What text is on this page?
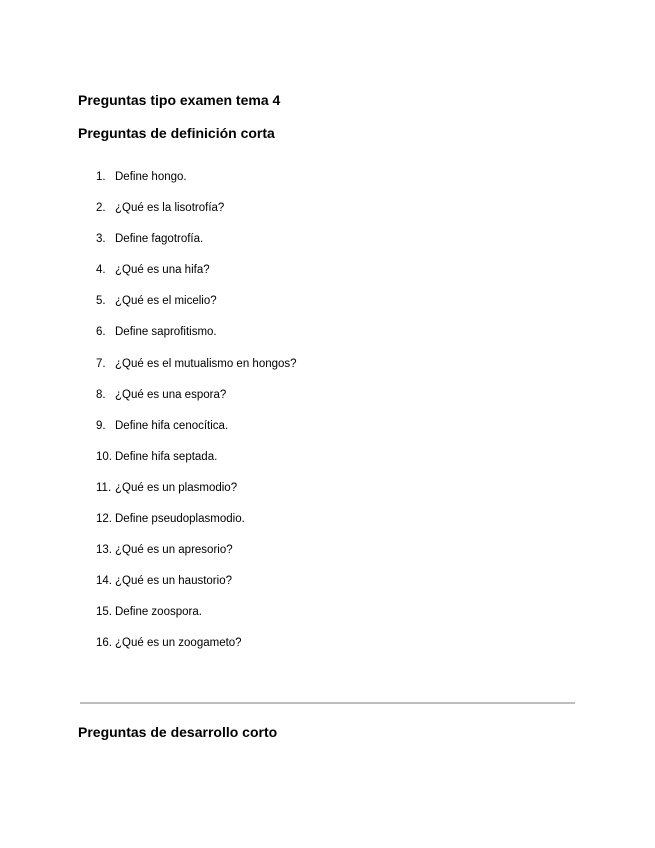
Preguntas tipo examen tema 4
Preguntas de definición corta
1. Define hongo.
2. ¿Qué es la lisotrofía?
3. Define fagotrofía.
4. ¿Qué es una hifa?
5. ¿Qué es el micelio?
6. Define saprofitismo.
7. ¿Qué es el mutualismo en hongos?
8. ¿Qué es una espora?
9. Define hifa cenocítica.
10. Define hifa septada.
11. ¿Qué es un plasmodio?
12. Define pseudoplasmodio.
13. ¿Qué es un apresorio?
14. ¿Qué es un haustorio?
15. Define zoospora.
16. ¿Qué es un zoogameto?
Preguntas de desarrollo corto
